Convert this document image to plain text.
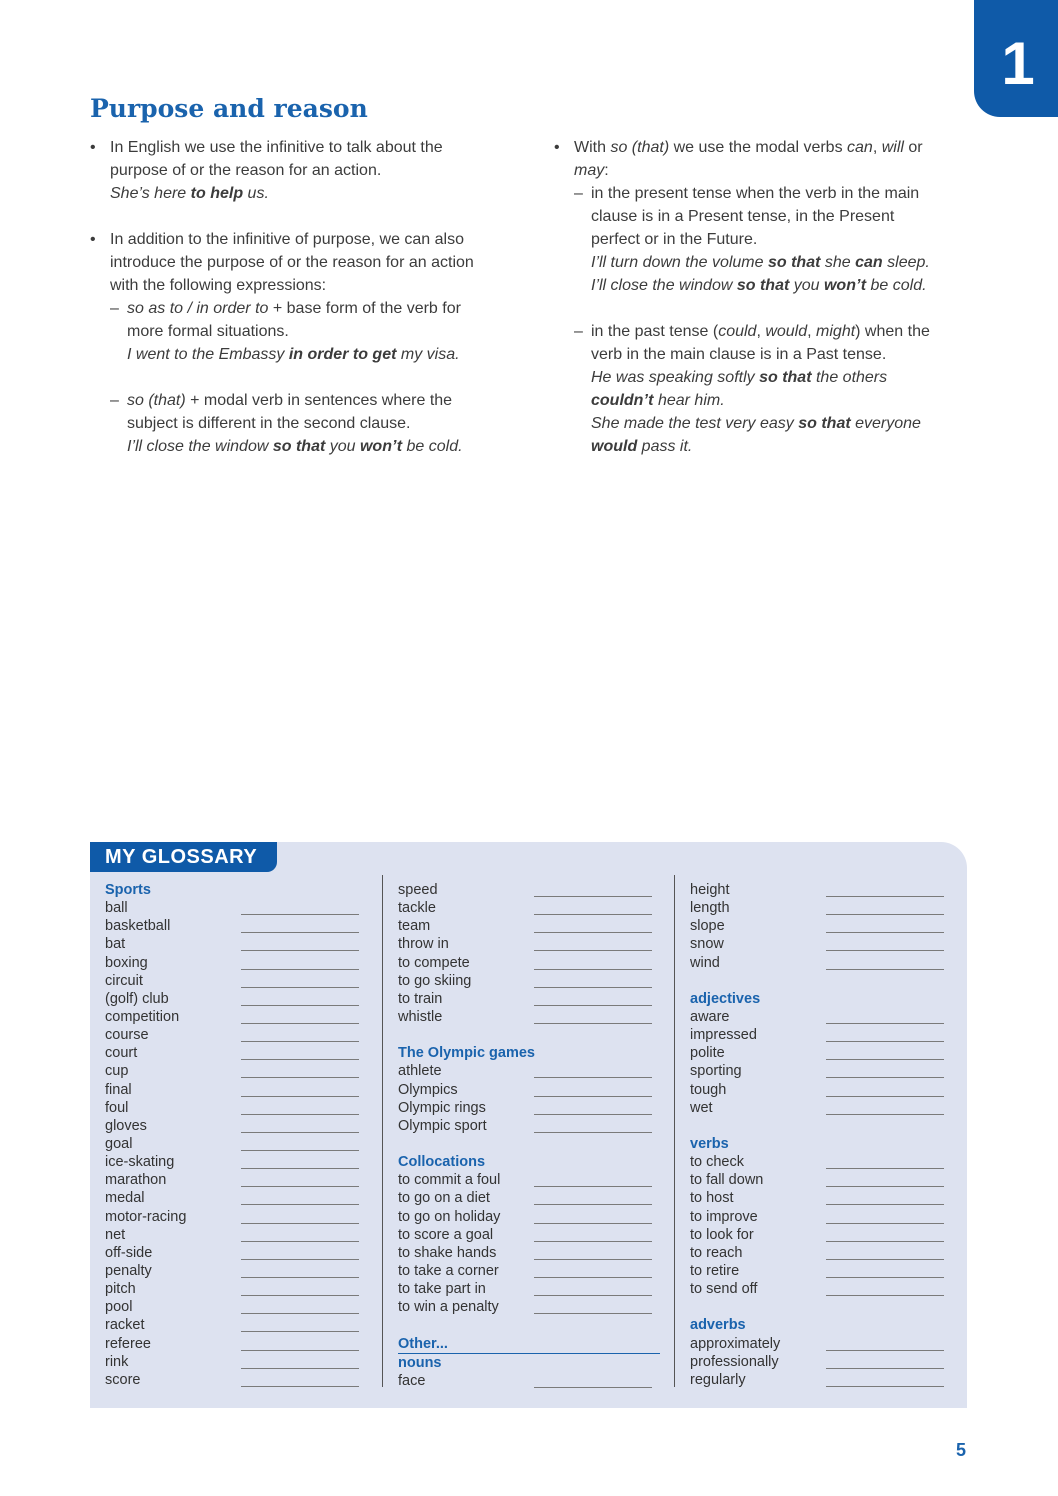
1
Purpose and reason

• In English we use the infinitive to talk about the
purpose of or the reason for an action.
She’s here to help us.

• In addition to the infinitive of purpose, we can also
introduce the purpose of or the reason for an action
with the following expressions:

– so as to / in order to + base form of the verb for
more formal situations.
I went to the Embassy in order to get my visa.

– so (that) + modal verb in sentences where the
subject is different in the second clause.
I’ll close the window so that you won’t be cold.

• With so (that) we use the modal verbs can, will or
may:

– in the present tense when the verb in the main
clause is in a Present tense, in the Present
perfect or in the Future.
I’ll turn down the volume so that she can sleep.
I’ll close the window so that you won’t be cold.

– in the past tense (could, would, might) when the
verb in the main clause is in a Past tense.
He was speaking softly so that the others
couldn’t hear him.
She made the test very easy so that everyone
would pass it.

MY GLOSSARY
Sports
ball
basketball
bat
boxing
circuit
(golf) club
competition
course
court
cup
final
foul
gloves
goal
ice-skating
marathon
medal
motor-racing
net
off-side
penalty
pitch
pool
racket
referee
rink
score
speed
tackle
team
throw in
to compete
to go skiing
to train
whistle
The Olympic games
athlete
Olympics
Olympic rings
Olympic sport
Collocations
to commit a foul
to go on a diet
to go on holiday
to score a goal
to shake hands
to take a corner
to take part in
to win a penalty
Other...
nouns
face
height
length
slope
snow
wind
adjectives
aware
impressed
polite
sporting
tough
wet
verbs
to check
to fall down
to host
to improve
to look for
to reach
to retire
to send off
adverbs
approximately
professionally
regularly
5
